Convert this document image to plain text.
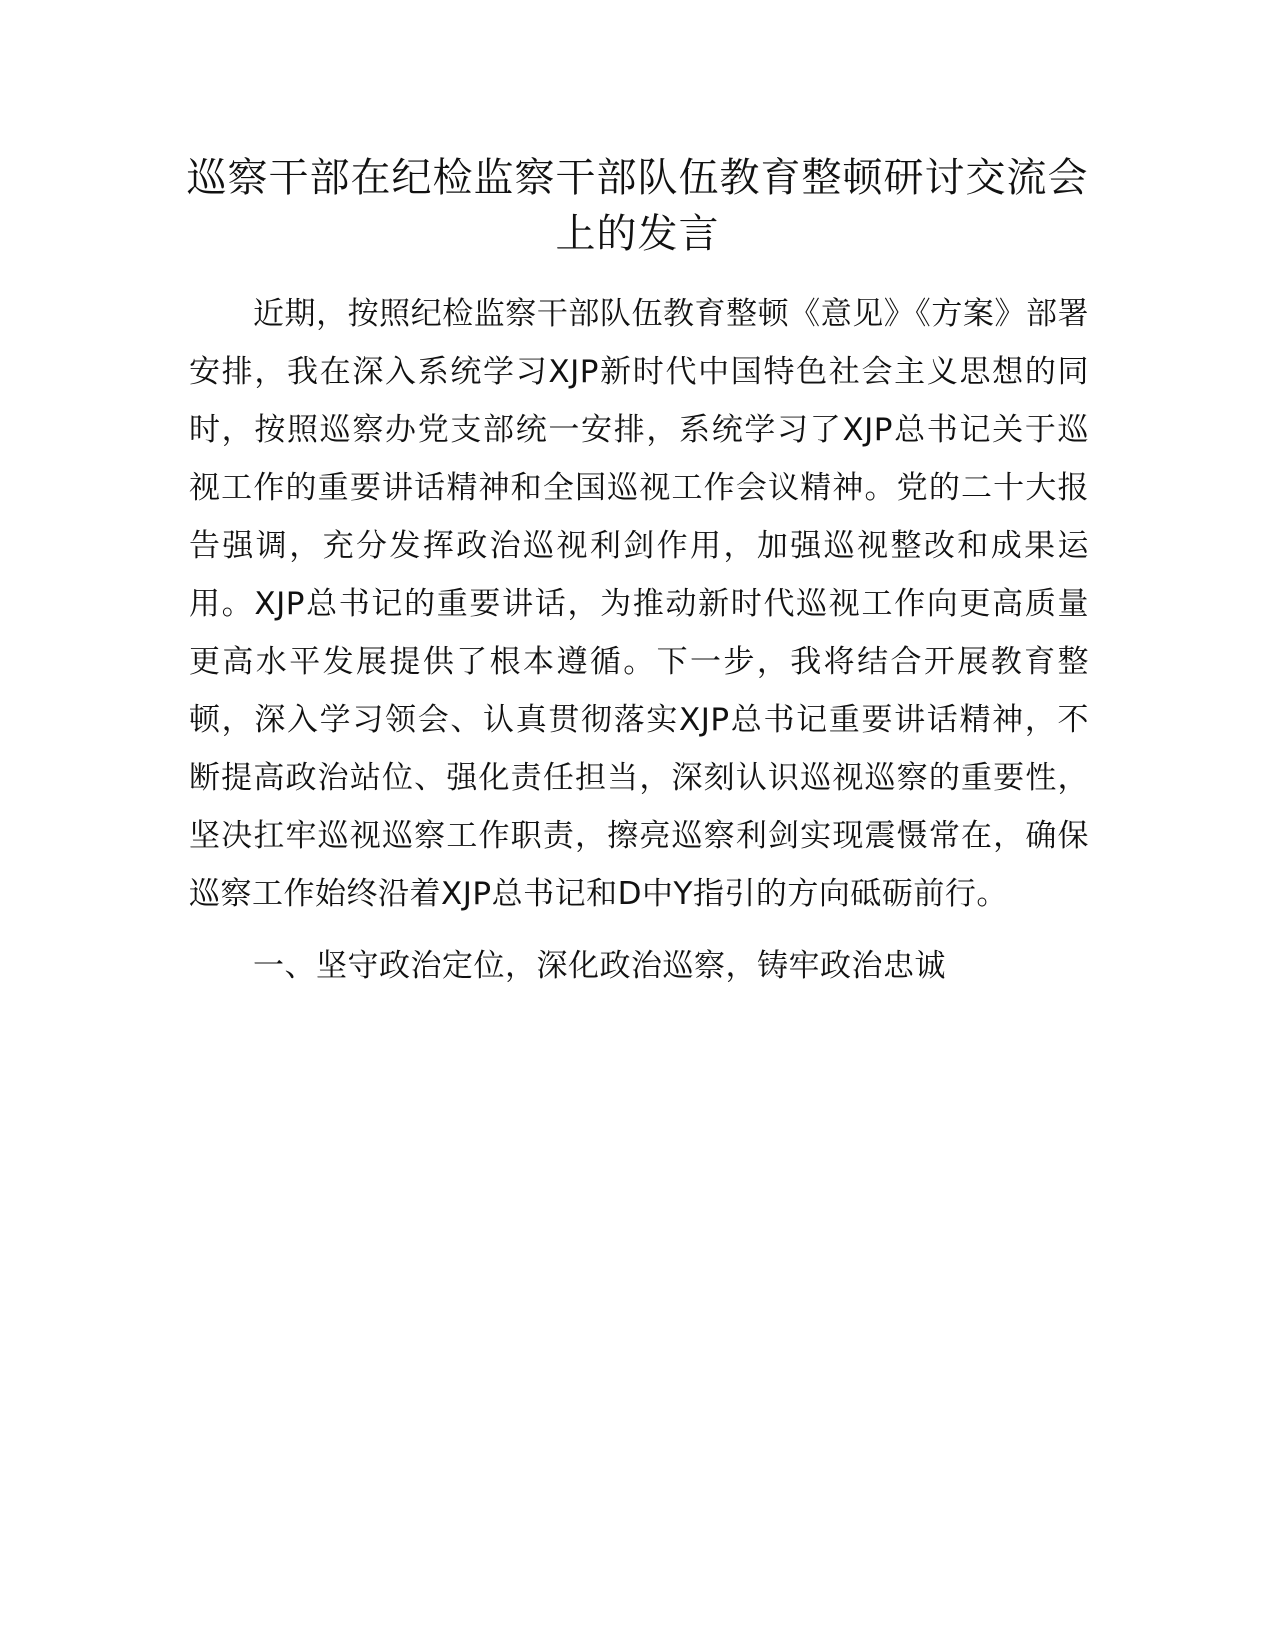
巡察干部在纪检监察干部队伍教育整顿研讨交流会上的发言

近期，按照纪检监察干部队伍教育整顿《意见》《方案》部署安排，我在深入系统学习XJP新时代中国特色社会主义思想的同时，按照巡察办党支部统一安排，系统学习了XJP总书记关于巡视工作的重要讲话精神和全国巡视工作会议精神。党的二十大报告强调，充分发挥政治巡视利剑作用，加强巡视整改和成果运用。XJP总书记的重要讲话，为推动新时代巡视工作向更高质量更高水平发展提供了根本遵循。下一步，我将结合开展教育整顿，深入学习领会、认真贯彻落实XJP总书记重要讲话精神，不断提高政治站位、强化责任担当，深刻认识巡视巡察的重要性，坚决扛牢巡视巡察工作职责，擦亮巡察利剑实现震慑常在，确保巡察工作始终沿着XJP总书记和D中Y指引的方向砥砺前行。

一、坚守政治定位，深化政治巡察，铸牢政治忠诚
